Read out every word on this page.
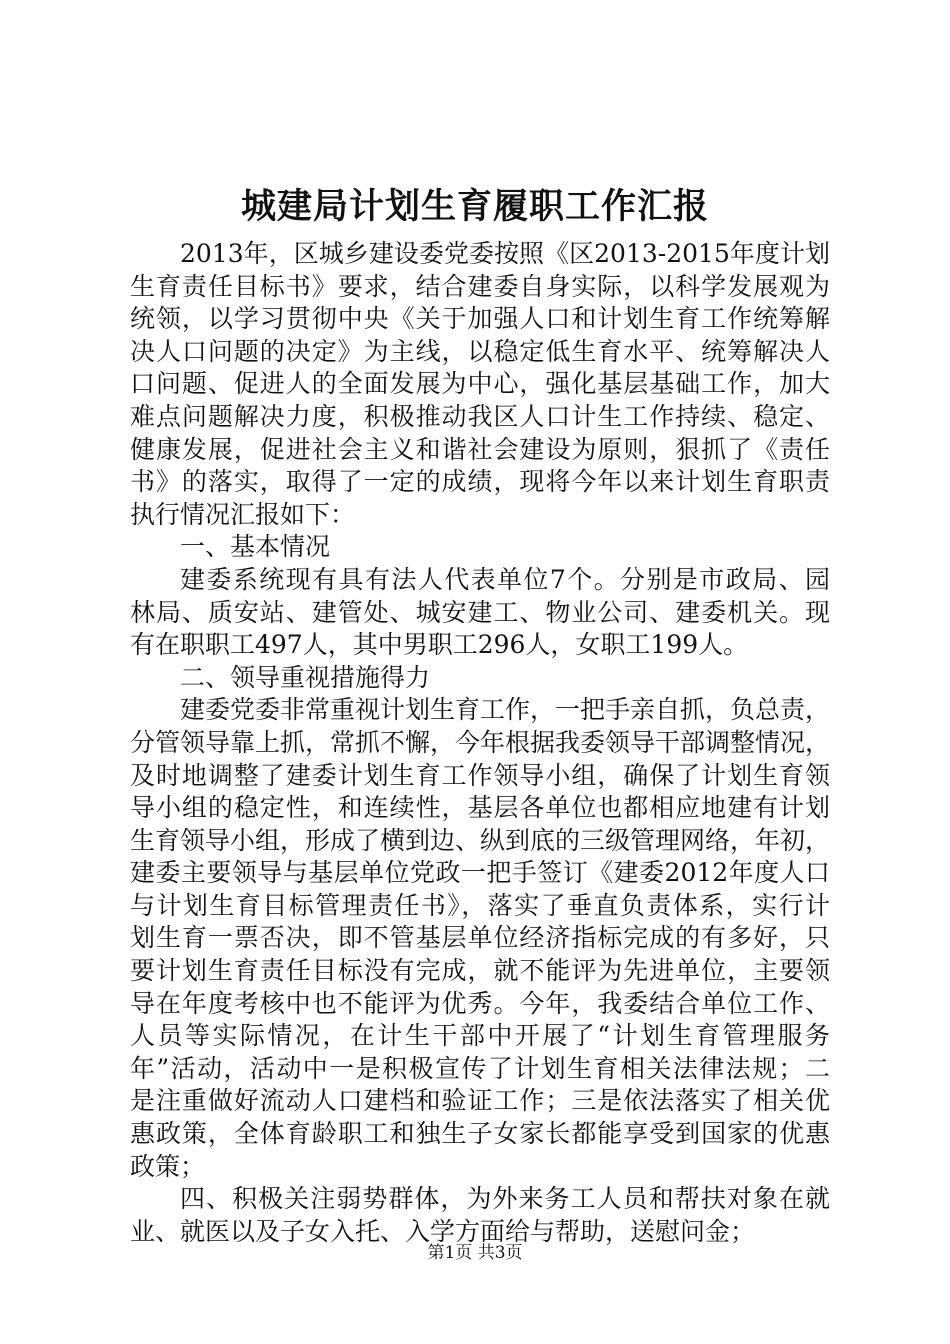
城建局计划生育履职工作汇报
2013年，区城乡建设委党委按照《区2013-2015年度计划
生育责任目标书》要求，结合建委自身实际，以科学发展观为
统领，以学习贯彻中央《关于加强人口和计划生育工作统筹解
决人口问题的决定》为主线，以稳定低生育水平、统筹解决人
口问题、促进人的全面发展为中心，强化基层基础工作，加大
难点问题解决力度，积极推动我区人口计生工作持续、稳定、
健康发展，促进社会主义和谐社会建设为原则，狠抓了《责任
书》的落实，取得了一定的成绩，现将今年以来计划生育职责
执行情况汇报如下：
一、基本情况
建委系统现有具有法人代表单位7个。分别是市政局、园
林局、质安站、建管处、城安建工、物业公司、建委机关。现
有在职职工497人，其中男职工296人，女职工199人。
二、领导重视措施得力
建委党委非常重视计划生育工作，一把手亲自抓，负总责，
分管领导靠上抓，常抓不懈，今年根据我委领导干部调整情况，
及时地调整了建委计划生育工作领导小组，确保了计划生育领
导小组的稳定性，和连续性，基层各单位也都相应地建有计划
生育领导小组，形成了横到边、纵到底的三级管理网络，年初，
建委主要领导与基层单位党政一把手签订《建委2012年度人口
与计划生育目标管理责任书》，落实了垂直负责体系，实行计
划生育一票否决，即不管基层单位经济指标完成的有多好，只
要计划生育责任目标没有完成，就不能评为先进单位，主要领
导在年度考核中也不能评为优秀。今年，我委结合单位工作、
人员等实际情况，在计生干部中开展了“计划生育管理服务
年”活动，活动中一是积极宣传了计划生育相关法律法规；二
是注重做好流动人口建档和验证工作；三是依法落实了相关优
惠政策，全体育龄职工和独生子女家长都能享受到国家的优惠
政策；
四、积极关注弱势群体，为外来务工人员和帮扶对象在就
业、就医以及子女入托、入学方面给与帮助，送慰问金；
第1页 共3页
